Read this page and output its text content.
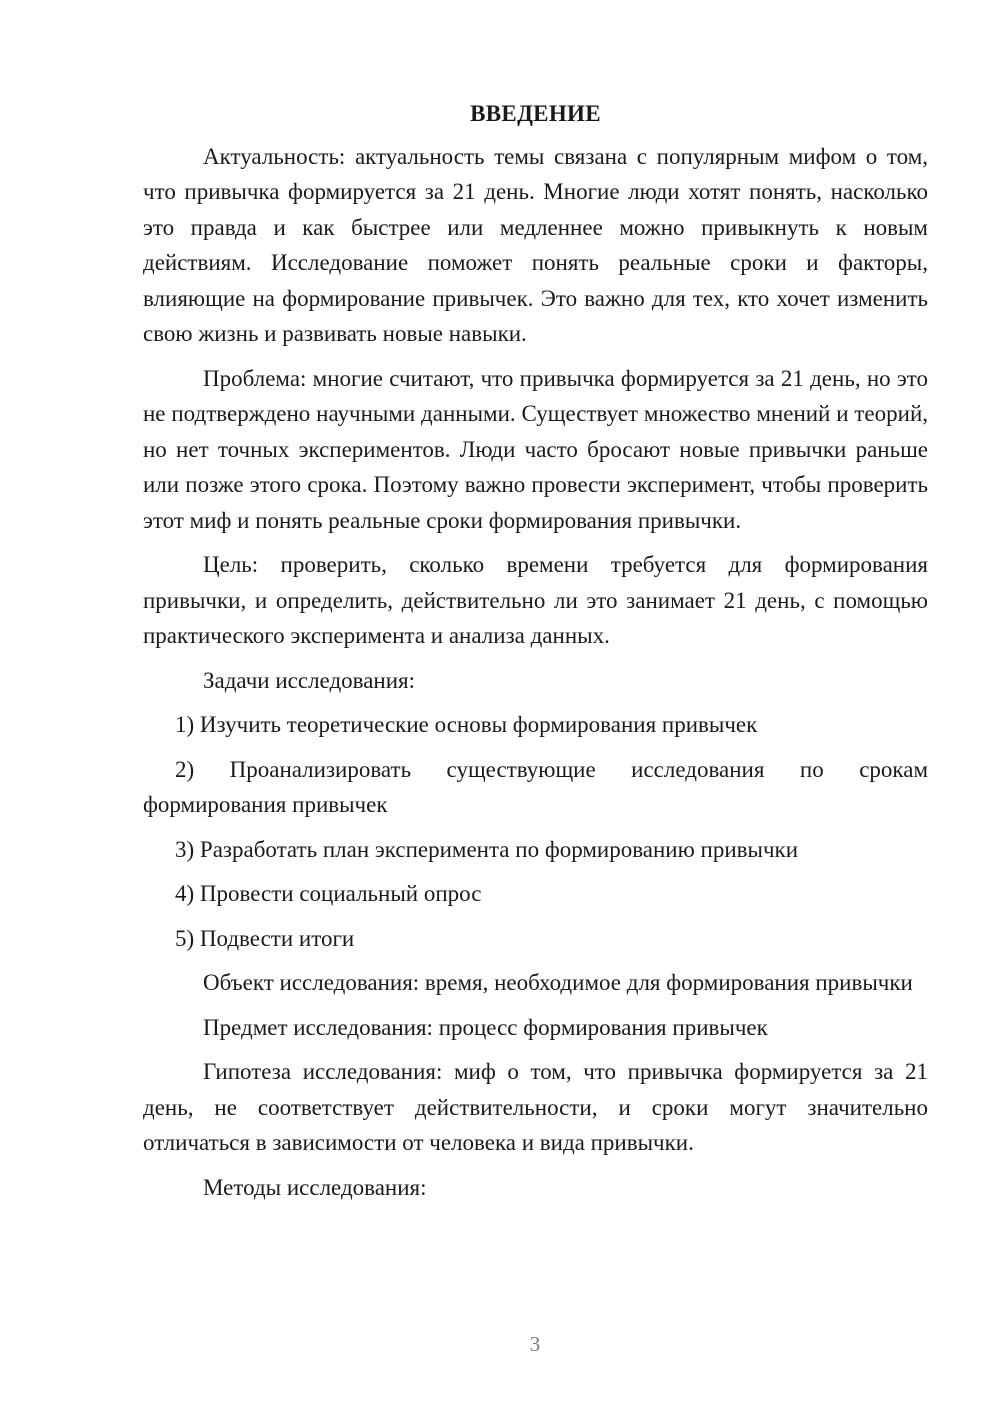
ВВЕДЕНИЕ

Актуальность: актуальность темы связана с популярным мифом о том, что привычка формируется за 21 день. Многие люди хотят понять, насколько это правда и как быстрее или медленнее можно привыкнуть к новым действиям. Исследование поможет понять реальные сроки и факторы, влияющие на формирование привычек. Это важно для тех, кто хочет изменить свою жизнь и развивать новые навыки.

Проблема: многие считают, что привычка формируется за 21 день, но это не подтверждено научными данными. Существует множество мнений и теорий, но нет точных экспериментов. Люди часто бросают новые привычки раньше или позже этого срока. Поэтому важно провести эксперимент, чтобы проверить этот миф и понять реальные сроки формирования привычки.

Цель: проверить, сколько времени требуется для формирования привычки, и определить, действительно ли это занимает 21 день, с помощью практического эксперимента и анализа данных.

Задачи исследования:

1) Изучить теоретические основы формирования привычек
2) Проанализировать существующие исследования по срокам формирования привычек
3) Разработать план эксперимента по формированию привычки
4) Провести социальный опрос
5) Подвести итоги

Объект исследования: время, необходимое для формирования привычки

Предмет исследования: процесс формирования привычек

Гипотеза исследования: миф о том, что привычка формируется за 21 день, не соответствует действительности, и сроки могут значительно отличаться в зависимости от человека и вида привычки.

Методы исследования:

3
